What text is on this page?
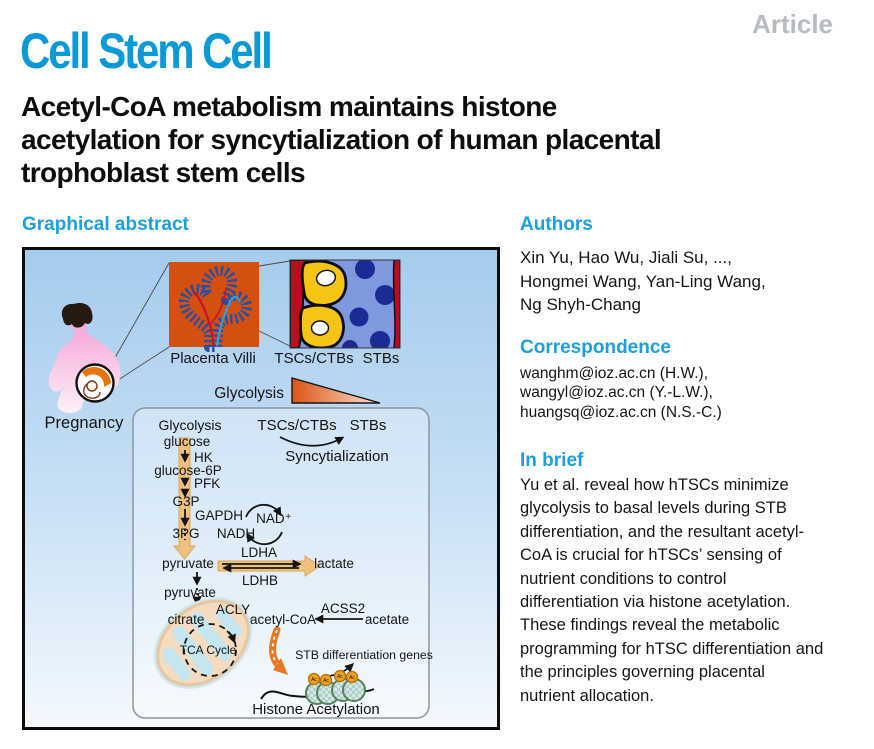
Cell Stem Cell	Article
Acetyl-CoA metabolism maintains histone
acetylation for syncytialization of human placental
trophoblast stem cells
Graphical abstract	Authors
Xin Yu, Hao Wu, Jiali Su, ...,
Hongmei Wang, Yan-Ling Wang,
Ng Shyh-Chang
Correspondence
wanghm@ioz.ac.cn (H.W.),
wangyl@ioz.ac.cn (Y.-L.W.),
huangsq@ioz.ac.cn (N.S.-C.)
In brief
Yu et al. reveal how hTSCs minimize
glycolysis to basal levels during STB
differentiation, and the resultant acetyl-
CoA is crucial for hTSCs’ sensing of
nutrient conditions to control
differentiation via histone acetylation.
These findings reveal the metabolic
programming for hTSC differentiation and
the principles governing placental
nutrient allocation.
Pregnancy
Placenta Villi TSCs/CTBs STBs
Glycolysis
TSCs/CTBs STBs
Syncytialization
Ac Ac
Ac Ac
Glycolysis
glucose
HK
glucose-6P
PFK
G3P
GAPDH NAD⁺
NADH
3PG
pyruvate
LDHA
LDHB
lactate
pyruvate
citrate
ACLY
acetyl-CoA
ACSS2
acetate
TCA Cycle	STB differentiation genes
Histone Acetylation
